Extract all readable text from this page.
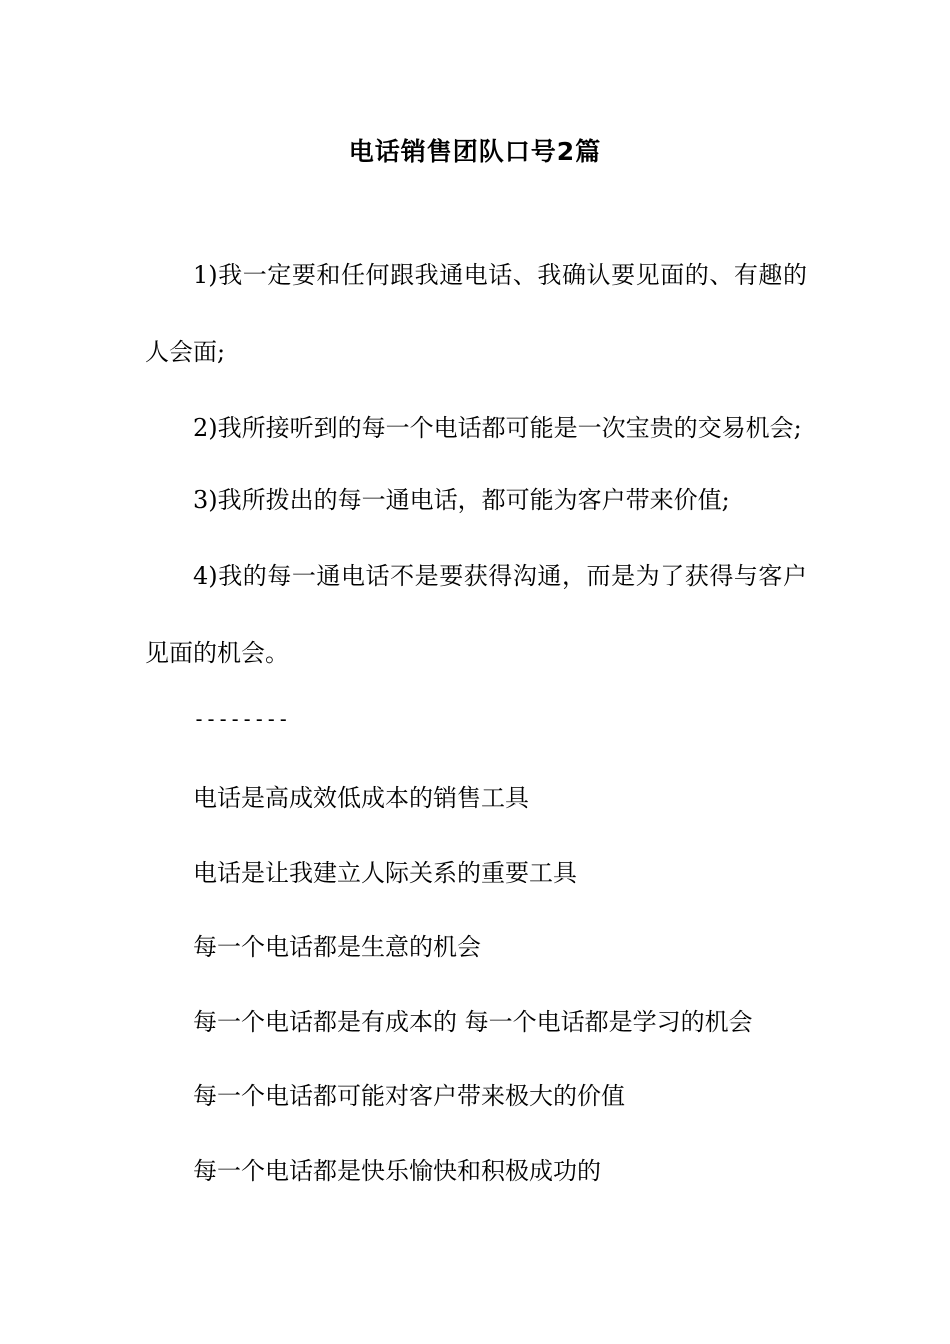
电话销售团队口号2篇

1)我一定要和任何跟我通电话、我确认要见面的、有趣的人会面;

2)我所接听到的每一个电话都可能是一次宝贵的交易机会;

3)我所拨出的每一通电话，都可能为客户带来价值;

4)我的每一通电话不是要获得沟通，而是为了获得与客户见面的机会。

--------

电话是高成效低成本的销售工具

电话是让我建立人际关系的重要工具

每一个电话都是生意的机会

每一个电话都是有成本的 每一个电话都是学习的机会

每一个电话都可能对客户带来极大的价值

每一个电话都是快乐愉快和积极成功的
